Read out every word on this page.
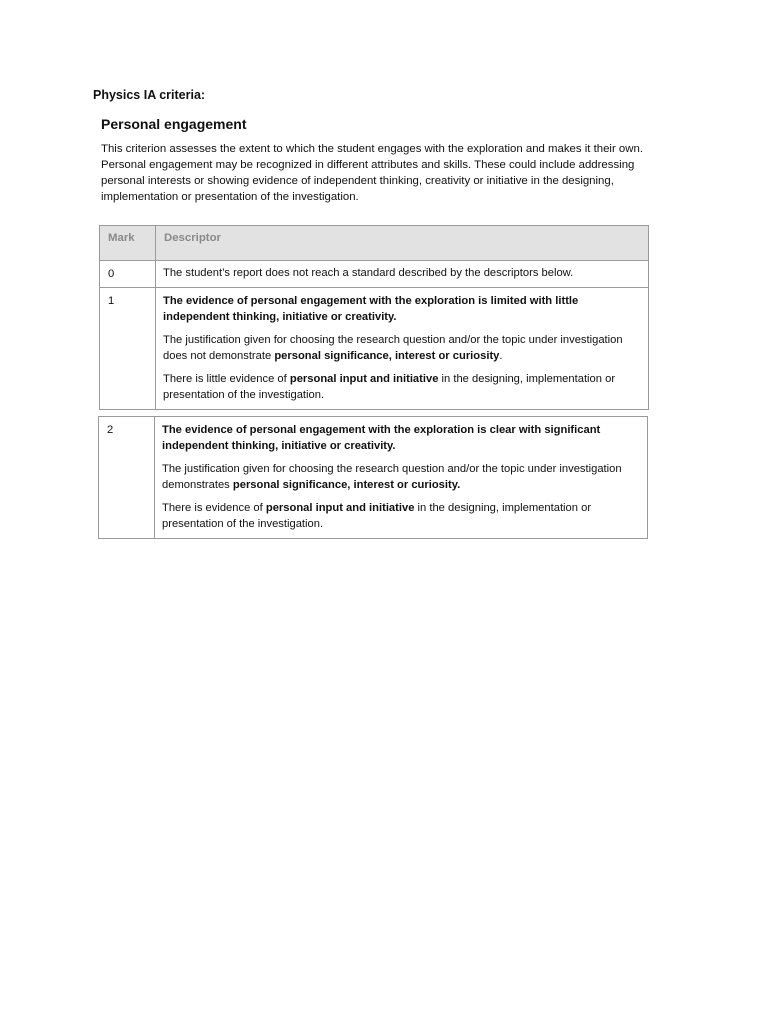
Physics IA criteria:
Personal engagement

This criterion assesses the extent to which the student engages with the exploration and makes it their own. Personal engagement may be recognized in different attributes and skills. These could include addressing personal interests or showing evidence of independent thinking, creativity or initiative in the designing, implementation or presentation of the investigation.

Mark	Descriptor
0	The student’s report does not reach a standard described by the descriptors below.
1	The evidence of personal engagement with the exploration is limited with little independent thinking, initiative or creativity.

The justification given for choosing the research question and/or the topic under investigation does not demonstrate personal significance, interest or curiosity.

There is little evidence of personal input and initiative in the designing, implementation or presentation of the investigation.

2	The evidence of personal engagement with the exploration is clear with significant independent thinking, initiative or creativity.

The justification given for choosing the research question and/or the topic under investigation demonstrates personal significance, interest or curiosity.

There is evidence of personal input and initiative in the designing, implementation or presentation of the investigation.
